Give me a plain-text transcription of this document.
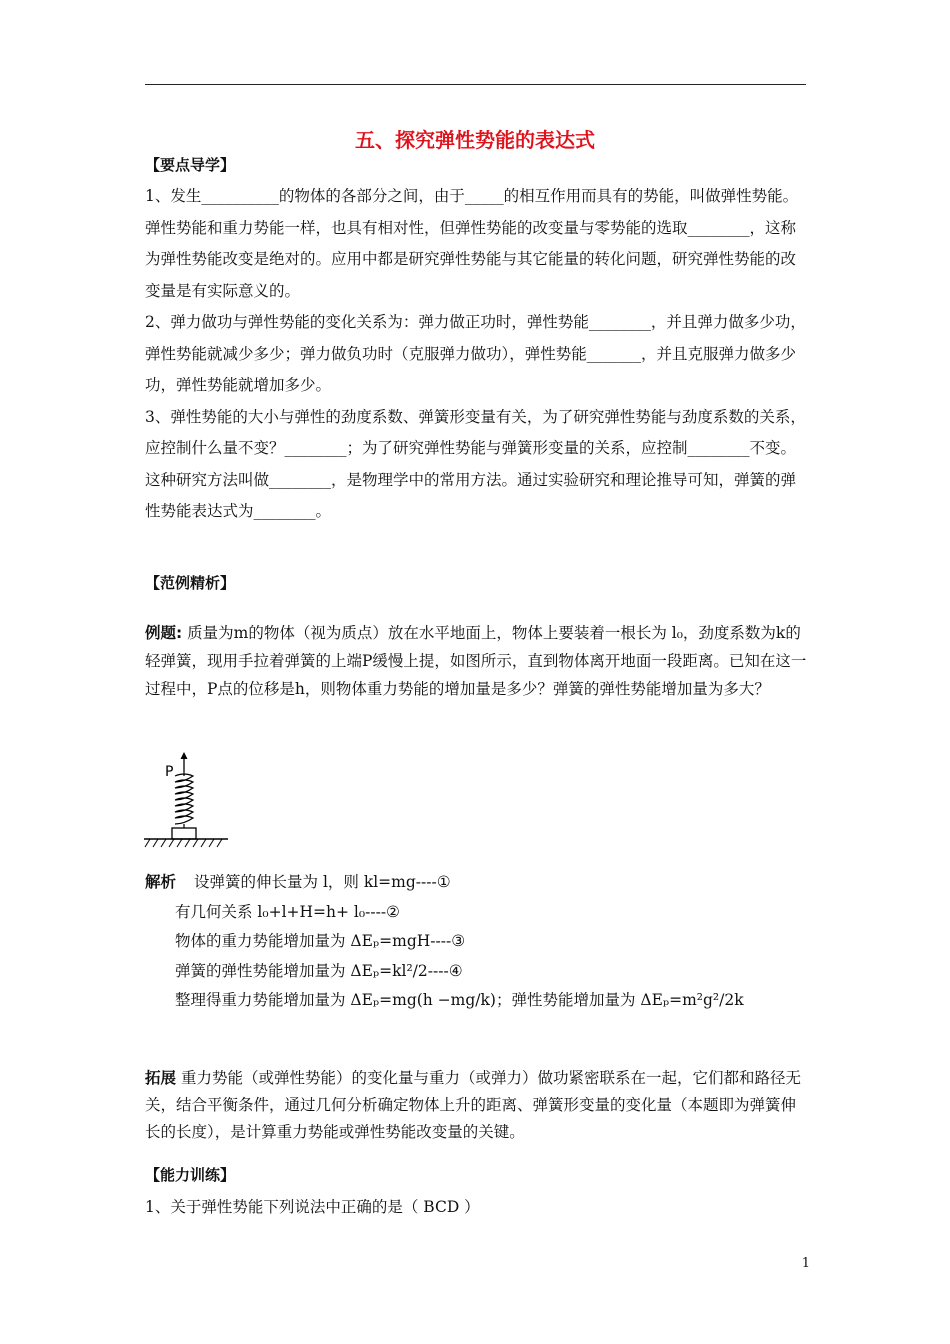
五、探究弹性势能的表达式
【要点导学】
1、发生__________的物体的各部分之间，由于_____的相互作用而具有的势能，叫做弹性势能。弹性势能和重力势能一样，也具有相对性，但弹性势能的改变量与零势能的选取________，这称为弹性势能改变是绝对的。应用中都是研究弹性势能与其它能量的转化问题，研究弹性势能的改变量是有实际意义的。
2、弹力做功与弹性势能的变化关系为：弹力做正功时，弹性势能________，并且弹力做多少功，弹性势能就减少多少；弹力做负功时（克服弹力做功），弹性势能_______，并且克服弹力做多少功，弹性势能就增加多少。
3、弹性势能的大小与弹性的劲度系数、弹簧形变量有关，为了研究弹性势能与劲度系数的关系，应控制什么量不变？________；为了研究弹性势能与弹簧形变量的关系，应控制________不变。这种研究方法叫做________，是物理学中的常用方法。通过实验研究和理论推导可知，弹簧的弹性势能表达式为________。
【范例精析】
例题: 质量为m的物体（视为质点）放在水平地面上，物体上要装着一根长为 l₀，劲度系数为k的轻弹簧，现用手拉着弹簧的上端P缓慢上提，如图所示，直到物体离开地面一段距离。已知在这一过程中，P点的位移是h，则物体重力势能的增加量是多少？弹簧的弹性势能增加量为多大？
P
解析 设弹簧的伸长量为 l，则 kl=mg----①
有几何关系 l₀+l+H=h+ l₀----②
物体的重力势能增加量为 ΔEₚ=mgH----③
弹簧的弹性势能增加量为 ΔEₚ=kl²/2----④
整理得重力势能增加量为 ΔEₚ=mg(h −mg/k)；弹性势能增加量为 ΔEₚ=m²g²/2k
拓展 重力势能（或弹性势能）的变化量与重力（或弹力）做功紧密联系在一起，它们都和路径无关，结合平衡条件，通过几何分析确定物体上升的距离、弹簧形变量的变化量（本题即为弹簧伸长的长度），是计算重力势能或弹性势能改变量的关键。
【能力训练】
1、关于弹性势能下列说法中正确的是（ BCD ）
1
